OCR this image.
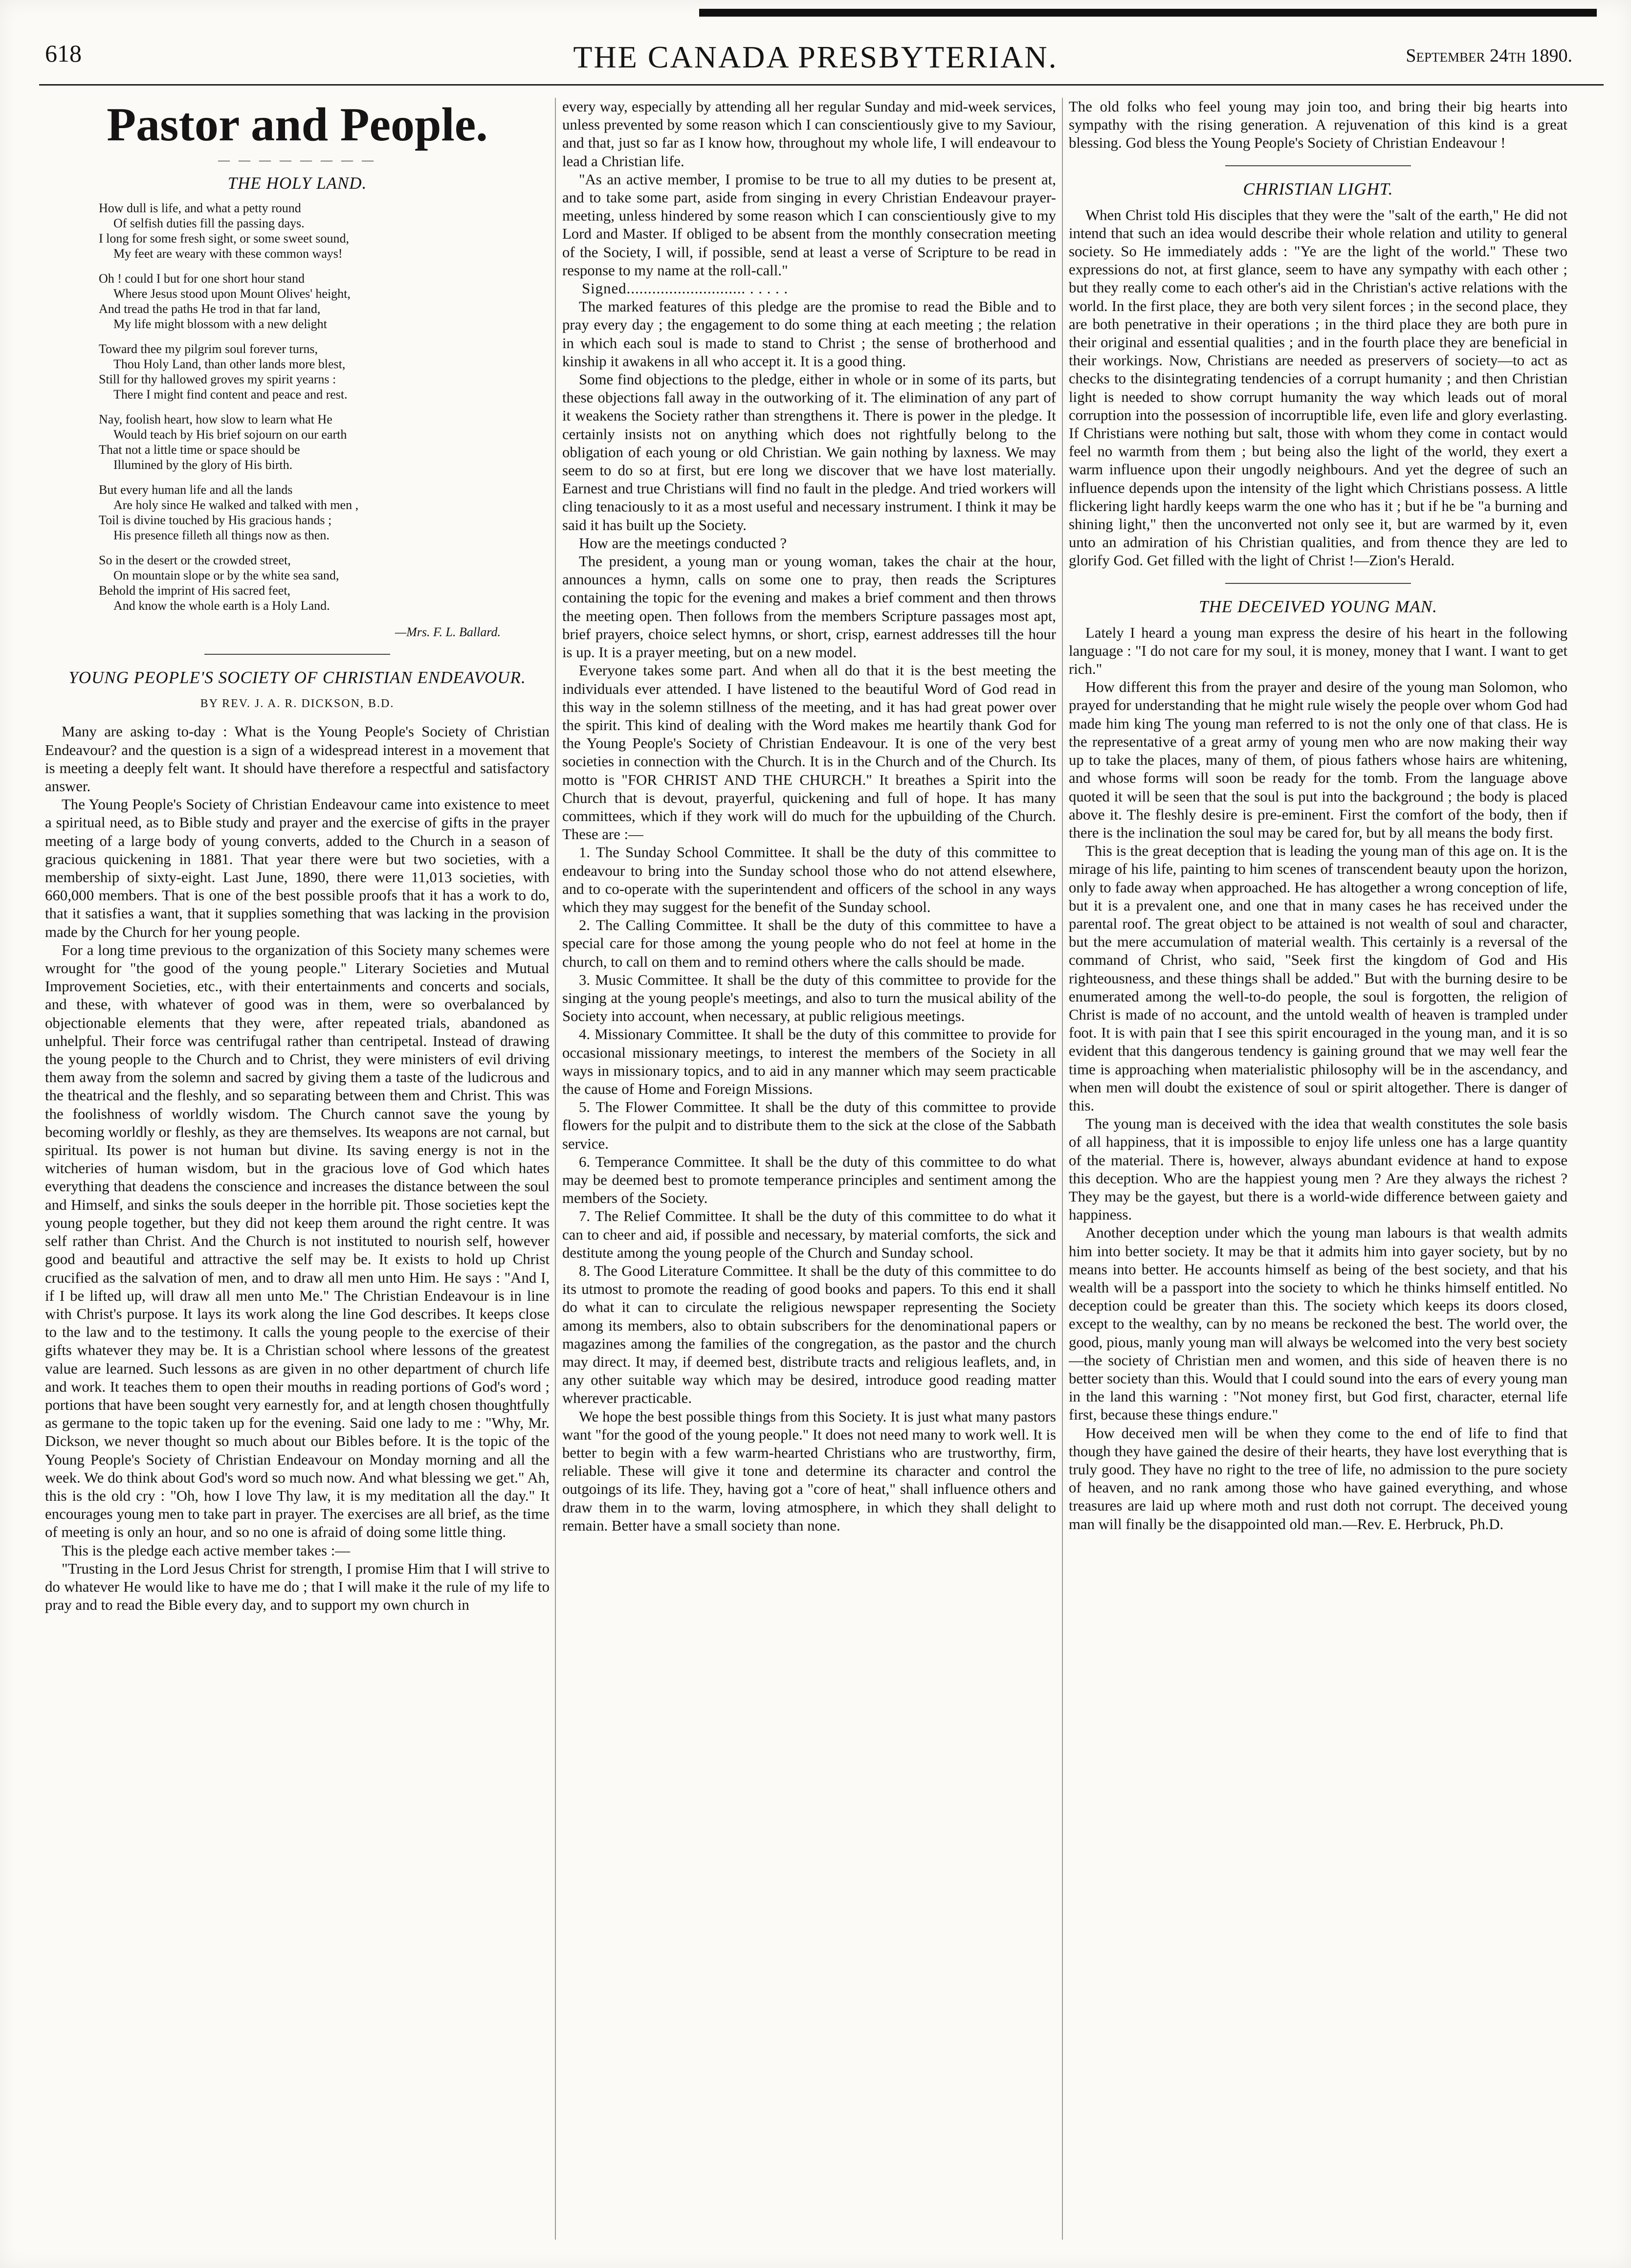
618	THE CANADA PRESBYTERIAN.	September 24th 1890.
Pastor and People.
— — — — — — — —
THE HOLY LAND.
How dull is life, and what a petty round
Of selfish duties fill the passing days.
I long for some fresh sight, or some sweet sound,
My feet are weary with these common ways!
Oh ! could I but for one short hour stand
Where Jesus stood upon Mount Olives' height,
And tread the paths He trod in that far land,
My life might blossom with a new delight
Toward thee my pilgrim soul forever turns,
Thou Holy Land, than other lands more blest,
Still for thy hallowed groves my spirit yearns :
There I might find content and peace and rest.
Nay, foolish heart, how slow to learn what He
Would teach by His brief sojourn on our earth
That not a little time or space should be
Illumined by the glory of His birth.
But every human life and all the lands
Are holy since He walked and talked with men ,
Toil is divine touched by His gracious hands ;
His presence filleth all things now as then.
So in the desert or the crowded street,
On mountain slope or by the white sea sand,
Behold the imprint of His sacred feet,
And know the whole earth is a Holy Land.
—Mrs. F. L. Ballard.
YOUNG PEOPLE'S SOCIETY OF CHRISTIAN ENDEAVOUR.
BY REV. J. A. R. DICKSON, B.D.

Many are asking to-day : What is the Young People's Society of Christian Endeavour? and the question is a sign of a widespread interest in a movement that is meeting a deeply felt want. It should have therefore a respectful and satisfactory answer.

The Young People's Society of Christian Endeavour came into existence to meet a spiritual need, as to Bible study and prayer and the exercise of gifts in the prayer meeting of a large body of young converts, added to the Church in a season of gracious quickening in 1881. That year there were but two societies, with a membership of sixty-eight. Last June, 1890, there were 11,013 societies, with 660,000 members. That is one of the best possible proofs that it has a work to do, that it satisfies a want, that it supplies something that was lacking in the provision made by the Church for her young people.

For a long time previous to the organization of this Society many schemes were wrought for "the good of the young people." Literary Societies and Mutual Improvement Societies, etc., with their entertainments and concerts and socials, and these, with whatever of good was in them, were so overbalanced by objectionable elements that they were, after repeated trials, abandoned as unhelpful. Their force was centrifugal rather than centripetal. Instead of drawing the young people to the Church and to Christ, they were ministers of evil driving them away from the solemn and sacred by giving them a taste of the ludicrous and the theatrical and the fleshly, and so separating between them and Christ. This was the foolishness of worldly wisdom. The Church cannot save the young by becoming worldly or fleshly, as they are themselves. Its weapons are not carnal, but spiritual. Its power is not human but divine. Its saving energy is not in the witcheries of human wisdom, but in the gracious love of God which hates everything that deadens the conscience and increases the distance between the soul and Himself, and sinks the souls deeper in the horrible pit. Those societies kept the young people together, but they did not keep them around the right centre. It was self rather than Christ. And the Church is not instituted to nourish self, however good and beautiful and attractive the self may be. It exists to hold up Christ crucified as the salvation of men, and to draw all men unto Him. He says : "And I, if I be lifted up, will draw all men unto Me." The Christian Endeavour is in line with Christ's purpose. It lays its work along the line God describes. It keeps close to the law and to the testimony. It calls the young people to the exercise of their gifts whatever they may be. It is a Christian school where lessons of the greatest value are learned. Such lessons as are given in no other department of church life and work. It teaches them to open their mouths in reading portions of God's word ; portions that have been sought very earnestly for, and at length chosen thoughtfully as germane to the topic taken up for the evening. Said one lady to me : "Why, Mr. Dickson, we never thought so much about our Bibles before. It is the topic of the Young People's Society of Christian Endeavour on Monday morning and all the week. We do think about God's word so much now. And what blessing we get." Ah, this is the old cry : "Oh, how I love Thy law, it is my meditation all the day." It encourages young men to take part in prayer. The exercises are all brief, as the time of meeting is only an hour, and so no one is afraid of doing some little thing.

This is the pledge each active member takes :—

"Trusting in the Lord Jesus Christ for strength, I promise Him that I will strive to do whatever He would like to have me do ; that I will make it the rule of my life to pray and to read the Bible every day, and to support my own church in

every way, especially by attending all her regular Sunday and mid-week services, unless prevented by some reason which I can conscientiously give to my Saviour, and that, just so far as I know how, throughout my whole life, I will endeavour to lead a Christian life.

"As an active member, I promise to be true to all my duties to be present at, and to take some part, aside from singing in every Christian Endeavour prayer-meeting, unless hindered by some reason which I can conscientiously give to my Lord and Master. If obliged to be absent from the monthly consecration meeting of the Society, I will, if possible, send at least a verse of Scripture to be read in response to my name at the roll-call."

Signed............................ . . . . .

The marked features of this pledge are the promise to read the Bible and to pray every day ; the engagement to do some thing at each meeting ; the relation in which each soul is made to stand to Christ ; the sense of brotherhood and kinship it awakens in all who accept it. It is a good thing.

Some find objections to the pledge, either in whole or in some of its parts, but these objections fall away in the outworking of it. The elimination of any part of it weakens the Society rather than strengthens it. There is power in the pledge. It certainly insists not on anything which does not rightfully belong to the obligation of each young or old Christian. We gain nothing by laxness. We may seem to do so at first, but ere long we discover that we have lost materially. Earnest and true Christians will find no fault in the pledge. And tried workers will cling tenaciously to it as a most useful and necessary instrument. I think it may be said it has built up the Society.

How are the meetings conducted ?

The president, a young man or young woman, takes the chair at the hour, announces a hymn, calls on some one to pray, then reads the Scriptures containing the topic for the evening and makes a brief comment and then throws the meeting open. Then follows from the members Scripture passages most apt, brief prayers, choice select hymns, or short, crisp, earnest addresses till the hour is up. It is a prayer meeting, but on a new model.

Everyone takes some part. And when all do that it is the best meeting the individuals ever attended. I have listened to the beautiful Word of God read in this way in the solemn stillness of the meeting, and it has had great power over the spirit. This kind of dealing with the Word makes me heartily thank God for the Young People's Society of Christian Endeavour. It is one of the very best societies in connection with the Church. It is in the Church and of the Church. Its motto is "FOR CHRIST AND THE CHURCH." It breathes a Spirit into the Church that is devout, prayerful, quickening and full of hope. It has many committees, which if they work will do much for the upbuilding of the Church. These are :—

1. The Sunday School Committee. It shall be the duty of this committee to endeavour to bring into the Sunday school those who do not attend elsewhere, and to co-operate with the superintendent and officers of the school in any ways which they may suggest for the benefit of the Sunday school.

2. The Calling Committee. It shall be the duty of this committee to have a special care for those among the young people who do not feel at home in the church, to call on them and to remind others where the calls should be made.

3. Music Committee. It shall be the duty of this committee to provide for the singing at the young people's meetings, and also to turn the musical ability of the Society into account, when necessary, at public religious meetings.

4. Missionary Committee. It shall be the duty of this committee to provide for occasional missionary meetings, to interest the members of the Society in all ways in missionary topics, and to aid in any manner which may seem practicable the cause of Home and Foreign Missions.

5. The Flower Committee. It shall be the duty of this committee to provide flowers for the pulpit and to distribute them to the sick at the close of the Sabbath service.

6. Temperance Committee. It shall be the duty of this committee to do what may be deemed best to promote temperance principles and sentiment among the members of the Society.

7. The Relief Committee. It shall be the duty of this committee to do what it can to cheer and aid, if possible and necessary, by material comforts, the sick and destitute among the young people of the Church and Sunday school.

8. The Good Literature Committee. It shall be the duty of this committee to do its utmost to promote the reading of good books and papers. To this end it shall do what it can to circulate the religious newspaper representing the Society among its members, also to obtain subscribers for the denominational papers or magazines among the families of the congregation, as the pastor and the church may direct. It may, if deemed best, distribute tracts and religious leaflets, and, in any other suitable way which may be desired, introduce good reading matter wherever practicable.

We hope the best possible things from this Society. It is just what many pastors want "for the good of the young people." It does not need many to work well. It is better to begin with a few warm-hearted Christians who are trustworthy, firm, reliable. These will give it tone and determine its character and control the outgoings of its life. They, having got a "core of heat," shall influence others and draw them in to the warm, loving atmosphere, in which they shall delight to remain. Better have a small society than none.

The old folks who feel young may join too, and bring their big hearts into sympathy with the rising generation. A rejuvenation of this kind is a great blessing. God bless the Young People's Society of Christian Endeavour !

CHRISTIAN LIGHT.

When Christ told His disciples that they were the "salt of the earth," He did not intend that such an idea would describe their whole relation and utility to general society. So He immediately adds : "Ye are the light of the world." These two expressions do not, at first glance, seem to have any sympathy with each other ; but they really come to each other's aid in the Christian's active relations with the world. In the first place, they are both very silent forces ; in the second place, they are both penetrative in their operations ; in the third place they are both pure in their original and essential qualities ; and in the fourth place they are beneficial in their workings. Now, Christians are needed as preservers of society—to act as checks to the disintegrating tendencies of a corrupt humanity ; and then Christian light is needed to show corrupt humanity the way which leads out of moral corruption into the possession of incorruptible life, even life and glory everlasting. If Christians were nothing but salt, those with whom they come in contact would feel no warmth from them ; but being also the light of the world, they exert a warm influence upon their ungodly neighbours. And yet the degree of such an influence depends upon the intensity of the light which Christians possess. A little flickering light hardly keeps warm the one who has it ; but if he be "a burning and shining light," then the unconverted not only see it, but are warmed by it, even unto an admiration of his Christian qualities, and from thence they are led to glorify God. Get filled with the light of Christ !—Zion's Herald.

THE DECEIVED YOUNG MAN.

Lately I heard a young man express the desire of his heart in the following language : "I do not care for my soul, it is money, money that I want. I want to get rich."

How different this from the prayer and desire of the young man Solomon, who prayed for understanding that he might rule wisely the people over whom God had made him king The young man referred to is not the only one of that class. He is the representative of a great army of young men who are now making their way up to take the places, many of them, of pious fathers whose hairs are whitening, and whose forms will soon be ready for the tomb. From the language above quoted it will be seen that the soul is put into the background ; the body is placed above it. The fleshly desire is pre-eminent. First the comfort of the body, then if there is the inclination the soul may be cared for, but by all means the body first.

This is the great deception that is leading the young man of this age on. It is the mirage of his life, painting to him scenes of transcendent beauty upon the horizon, only to fade away when approached. He has altogether a wrong conception of life, but it is a prevalent one, and one that in many cases he has received under the parental roof. The great object to be attained is not wealth of soul and character, but the mere accumulation of material wealth. This certainly is a reversal of the command of Christ, who said, "Seek first the kingdom of God and His righteousness, and these things shall be added." But with the burning desire to be enumerated among the well-to-do people, the soul is forgotten, the religion of Christ is made of no account, and the untold wealth of heaven is trampled under foot. It is with pain that I see this spirit encouraged in the young man, and it is so evident that this dangerous tendency is gaining ground that we may well fear the time is approaching when materialistic philosophy will be in the ascendancy, and when men will doubt the existence of soul or spirit altogether. There is danger of this.

The young man is deceived with the idea that wealth constitutes the sole basis of all happiness, that it is impossible to enjoy life unless one has a large quantity of the material. There is, however, always abundant evidence at hand to expose this deception. Who are the happiest young men ? Are they always the richest ? They may be the gayest, but there is a world-wide difference between gaiety and happiness.

Another deception under which the young man labours is that wealth admits him into better society. It may be that it admits him into gayer society, but by no means into better. He accounts himself as being of the best society, and that his wealth will be a passport into the society to which he thinks himself entitled. No deception could be greater than this. The society which keeps its doors closed, except to the wealthy, can by no means be reckoned the best. The world over, the good, pious, manly young man will always be welcomed into the very best society—the society of Christian men and women, and this side of heaven there is no better society than this. Would that I could sound into the ears of every young man in the land this warning : "Not money first, but God first, character, eternal life first, because these things endure."

How deceived men will be when they come to the end of life to find that though they have gained the desire of their hearts, they have lost everything that is truly good. They have no right to the tree of life, no admission to the pure society of heaven, and no rank among those who have gained everything, and whose treasures are laid up where moth and rust doth not corrupt. The deceived young man will finally be the disappointed old man.—Rev. E. Herbruck, Ph.D.
